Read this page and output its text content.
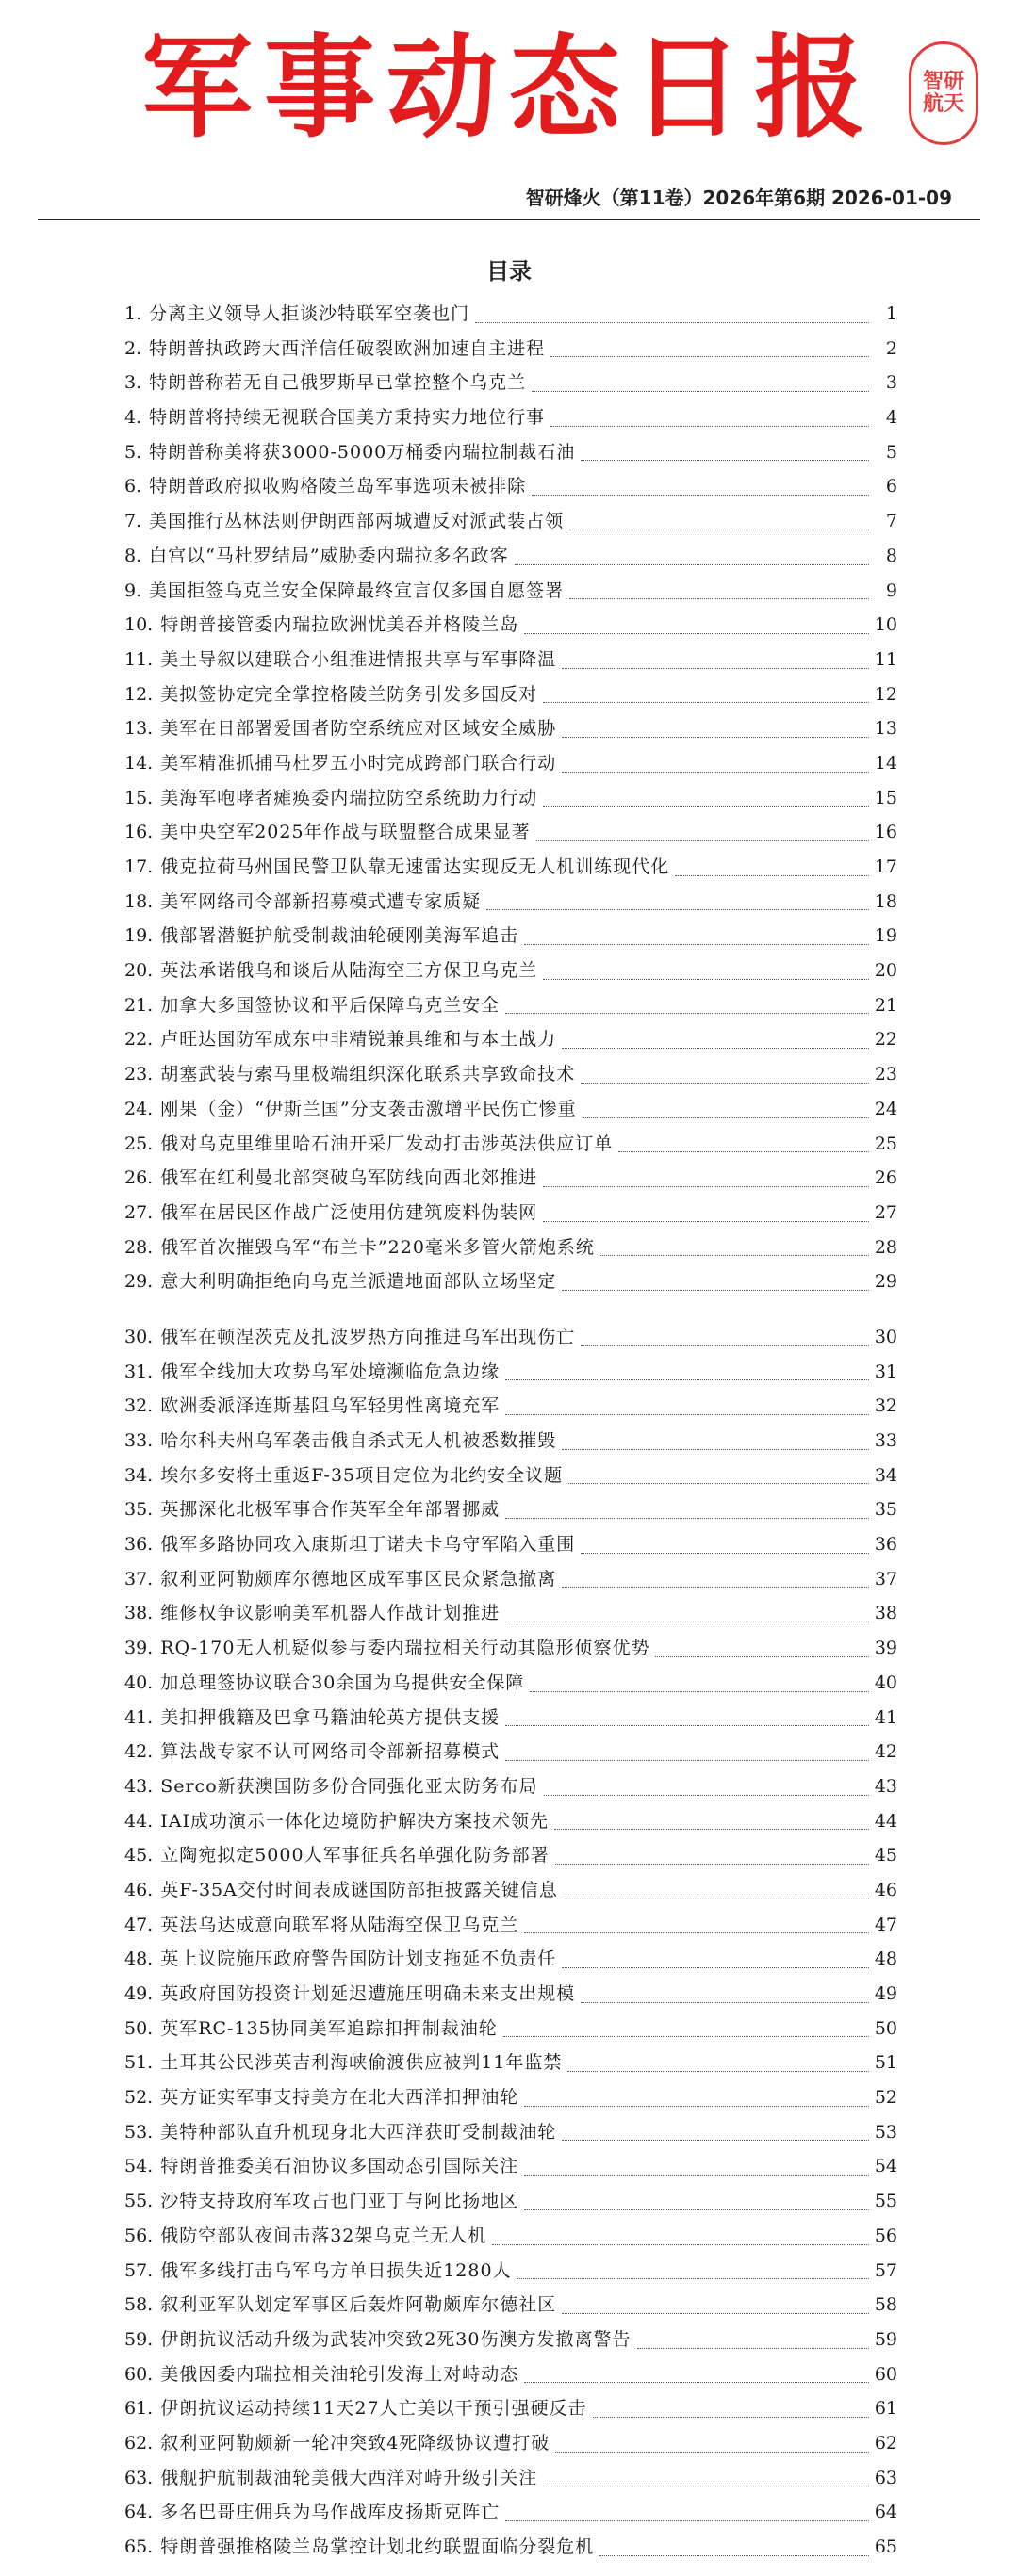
军事动态日报	智研
航天
智研烽火（第11卷）2026年第6期 2026-01-09
目录
1. 分离主义领导人拒谈沙特联军空袭也门	1
2. 特朗普执政跨大西洋信任破裂欧洲加速自主进程	2
3. 特朗普称若无自己俄罗斯早已掌控整个乌克兰	3
4. 特朗普将持续无视联合国美方秉持实力地位行事	4
5. 特朗普称美将获3000-5000万桶委内瑞拉制裁石油	5
6. 特朗普政府拟收购格陵兰岛军事选项未被排除	6
7. 美国推行丛林法则伊朗西部两城遭反对派武装占领	7
8. 白宫以“马杜罗结局”威胁委内瑞拉多名政客	8
9. 美国拒签乌克兰安全保障最终宣言仅多国自愿签署	9
10. 特朗普接管委内瑞拉欧洲忧美吞并格陵兰岛	10
11. 美土导叙以建联合小组推进情报共享与军事降温	11
12. 美拟签协定完全掌控格陵兰防务引发多国反对	12
13. 美军在日部署爱国者防空系统应对区域安全威胁	13
14. 美军精准抓捕马杜罗五小时完成跨部门联合行动	14
15. 美海军咆哮者瘫痪委内瑞拉防空系统助力行动	15
16. 美中央空军2025年作战与联盟整合成果显著	16
17. 俄克拉荷马州国民警卫队靠无速雷达实现反无人机训练现代化	17
18. 美军网络司令部新招募模式遭专家质疑	18
19. 俄部署潜艇护航受制裁油轮硬刚美海军追击	19
20. 英法承诺俄乌和谈后从陆海空三方保卫乌克兰	20
21. 加拿大多国签协议和平后保障乌克兰安全	21
22. 卢旺达国防军成东中非精锐兼具维和与本土战力	22
23. 胡塞武装与索马里极端组织深化联系共享致命技术	23
24. 刚果（金）“伊斯兰国”分支袭击激增平民伤亡惨重	24
25. 俄对乌克里维里哈石油开采厂发动打击涉英法供应订单	25
26. 俄军在红利曼北部突破乌军防线向西北郊推进	26
27. 俄军在居民区作战广泛使用仿建筑废料伪装网	27
28. 俄军首次摧毁乌军“布兰卡”220毫米多管火箭炮系统	28
29. 意大利明确拒绝向乌克兰派遣地面部队立场坚定	29
30. 俄军在顿涅茨克及扎波罗热方向推进乌军出现伤亡	30
31. 俄军全线加大攻势乌军处境濒临危急边缘	31
32. 欧洲委派泽连斯基阻乌军轻男性离境充军	32
33. 哈尔科夫州乌军袭击俄自杀式无人机被悉数摧毁	33
34. 埃尔多安将土重返F-35项目定位为北约安全议题	34
35. 英挪深化北极军事合作英军全年部署挪威	35
36. 俄军多路协同攻入康斯坦丁诺夫卡乌守军陷入重围	36
37. 叙利亚阿勒颇库尔德地区成军事区民众紧急撤离	37
38. 维修权争议影响美军机器人作战计划推进	38
39. RQ-170无人机疑似参与委内瑞拉相关行动其隐形侦察优势	39
40. 加总理签协议联合30余国为乌提供安全保障	40
41. 美扣押俄籍及巴拿马籍油轮英方提供支援	41
42. 算法战专家不认可网络司令部新招募模式	42
43. Serco新获澳国防多份合同强化亚太防务布局	43
44. IAI成功演示一体化边境防护解决方案技术领先	44
45. 立陶宛拟定5000人军事征兵名单强化防务部署	45
46. 英F-35A交付时间表成谜国防部拒披露关键信息	46
47. 英法乌达成意向联军将从陆海空保卫乌克兰	47
48. 英上议院施压政府警告国防计划支拖延不负责任	48
49. 英政府国防投资计划延迟遭施压明确未来支出规模	49
50. 英军RC-135协同美军追踪扣押制裁油轮	50
51. 土耳其公民涉英吉利海峡偷渡供应被判11年监禁	51
52. 英方证实军事支持美方在北大西洋扣押油轮	52
53. 美特种部队直升机现身北大西洋获盯受制裁油轮	53
54. 特朗普推委美石油协议多国动态引国际关注	54
55. 沙特支持政府军攻占也门亚丁与阿比扬地区	55
56. 俄防空部队夜间击落32架乌克兰无人机	56
57. 俄军多线打击乌军乌方单日损失近1280人	57
58. 叙利亚军队划定军事区后轰炸阿勒颇库尔德社区	58
59. 伊朗抗议活动升级为武装冲突致2死30伤澳方发撤离警告	59
60. 美俄因委内瑞拉相关油轮引发海上对峙动态	60
61. 伊朗抗议运动持续11天27人亡美以干预引强硬反击	61
62. 叙利亚阿勒颇新一轮冲突致4死降级协议遭打破	62
63. 俄舰护航制裁油轮美俄大西洋对峙升级引关注	63
64. 多名巴哥庄佣兵为乌作战库皮扬斯克阵亡	64
65. 特朗普强推格陵兰岛掌控计划北约联盟面临分裂危机	65
